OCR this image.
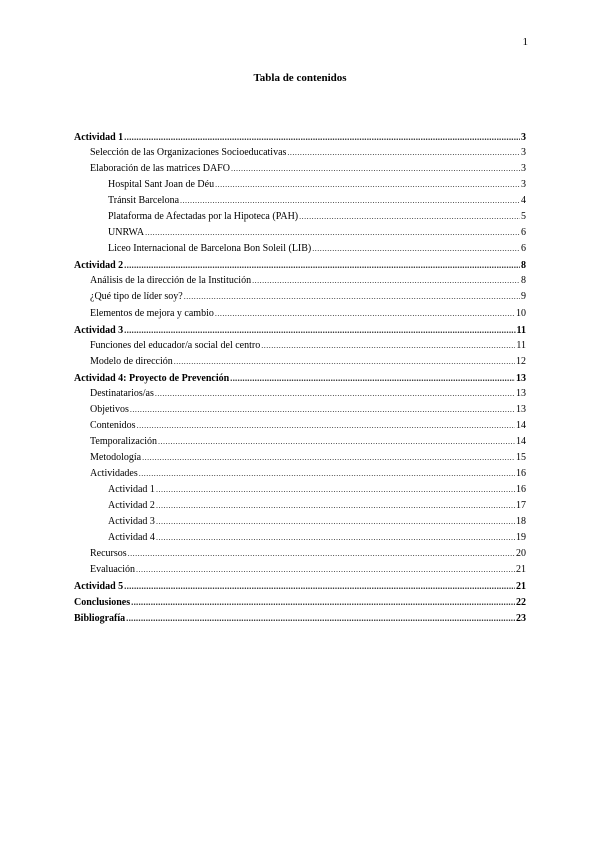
1
Tabla de contenidos
Actividad 1 .....	3
Selección de las Organizaciones Socioeducativas .....	3
Elaboración de las matrices DAFO .....	3
Hospital Sant Joan de Déu .....	3
Tránsit Barcelona .....	4
Plataforma de Afectadas por la Hipoteca (PAH) .....	5
UNRWA .....	6
Liceo Internacional de Barcelona Bon Soleil (LIB) .....	6
Actividad 2 .....	8
Análisis de la dirección de la Institución .....	8
¿Qué tipo de líder soy? .....	9
Elementos de mejora y cambio .....	10
Actividad 3 .....	11
Funciones del educador/a social del centro .....	11
Modelo de dirección .....	12
Actividad 4: Proyecto de Prevención .....	13
Destinatarios/as .....	13
Objetivos .....	13
Contenidos .....	14
Temporalización .....	14
Metodología .....	15
Actividades .....	16
Actividad 1 .....	16
Actividad 2 .....	17
Actividad 3 .....	18
Actividad 4 .....	19
Recursos .....	20
Evaluación .....	21
Actividad 5 .....	21
Conclusiones .....	22
Bibliografía .....	23
